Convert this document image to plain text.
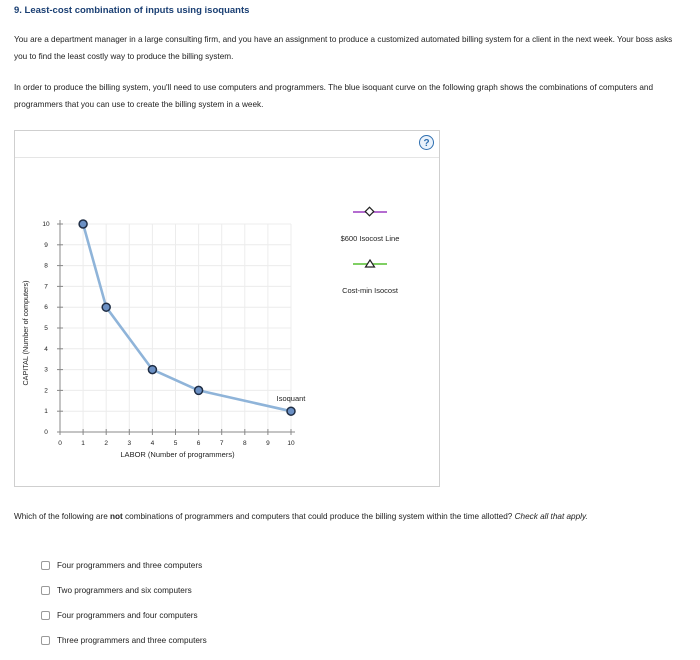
9. Least-cost combination of inputs using isoquants
You are a department manager in a large consulting firm, and you have an assignment to produce a customized automated billing system for a client in the next week. Your boss asks you to find the least costly way to produce the billing system.
In order to produce the billing system, you'll need to use computers and programmers. The blue isoquant curve on the following graph shows the combinations of computers and programmers that you can use to create the billing system in a week.
?
0	1	2	3	4	5	6	7	8	9	10
0
1
2
3
4
5
6
7
8
9
10
Isoquant
LABOR (Number of programmers)
CAPITAL (Number of computers)
$600 Isocost Line
Cost-min Isocost
Which of the following are not combinations of programmers and computers that could produce the billing system within the time allotted? Check all that apply.
Four programmers and three computers
Two programmers and six computers
Four programmers and four computers
Three programmers and three computers
